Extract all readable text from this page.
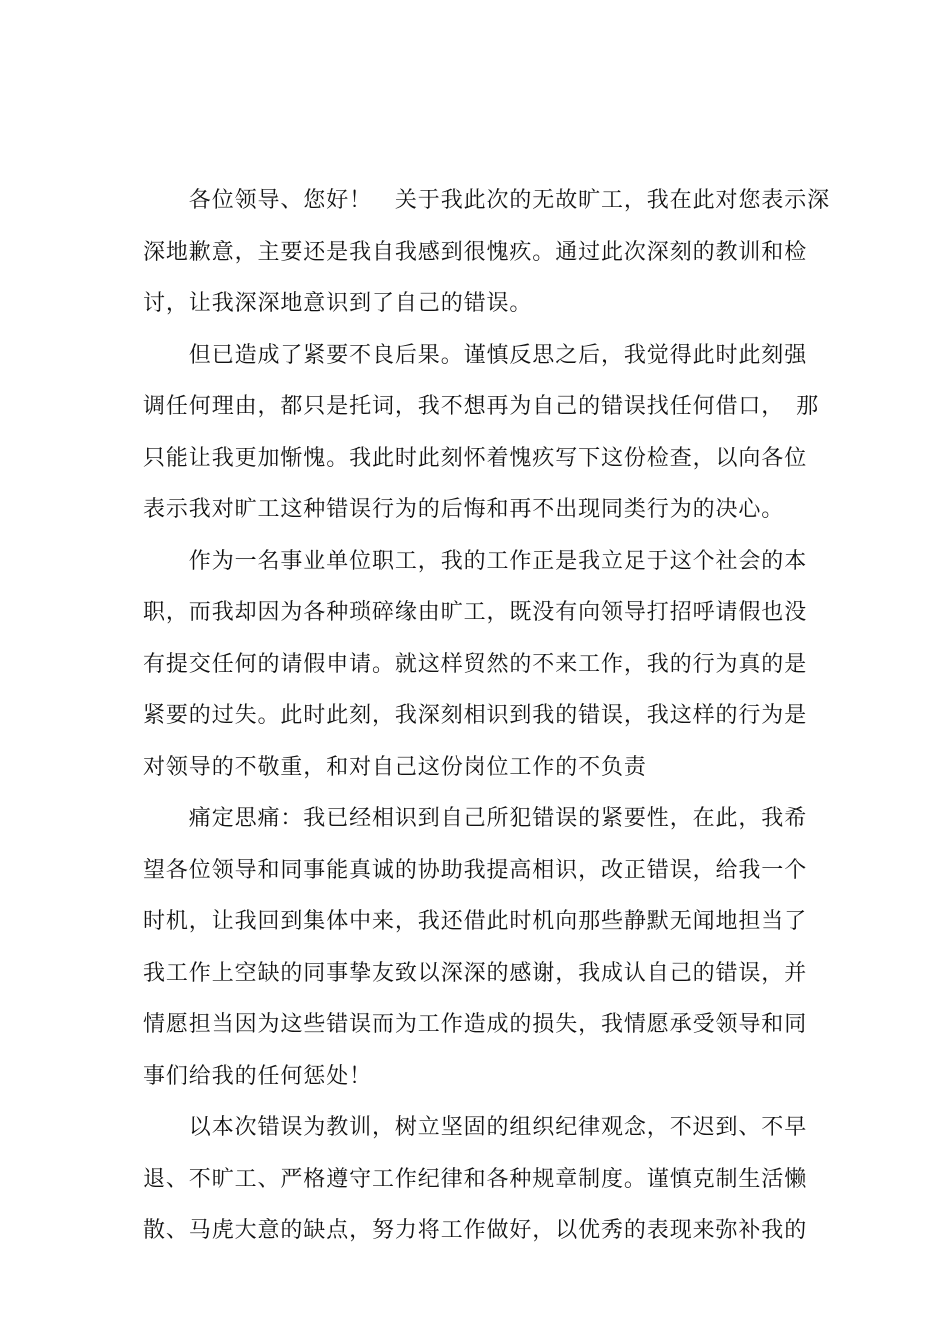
　　各位领导、您好！　关于我此次的无故旷工，我在此对您表示深
深地歉意，主要还是我自我感到很愧疚。通过此次深刻的教训和检
讨，让我深深地意识到了自己的错误。
　　但已造成了紧要不良后果。谨慎反思之后，我觉得此时此刻强
调任何理由，都只是托词，我不想再为自己的错误找任何借口，　那
只能让我更加惭愧。我此时此刻怀着愧疚写下这份检查，以向各位
表示我对旷工这种错误行为的后悔和再不出现同类行为的决心。
　　作为一名事业单位职工，我的工作正是我立足于这个社会的本
职，而我却因为各种琐碎缘由旷工，既没有向领导打招呼请假也没
有提交任何的请假申请。就这样贸然的不来工作，我的行为真的是
紧要的过失。此时此刻，我深刻相识到我的错误，我这样的行为是
对领导的不敬重，和对自己这份岗位工作的不负责
　　痛定思痛：我已经相识到自己所犯错误的紧要性，在此，我希
望各位领导和同事能真诚的协助我提高相识，改正错误，给我一个
时机，让我回到集体中来，我还借此时机向那些静默无闻地担当了
我工作上空缺的同事挚友致以深深的感谢，我成认自己的错误，并
情愿担当因为这些错误而为工作造成的损失，我情愿承受领导和同
事们给我的任何惩处！
　　以本次错误为教训，树立坚固的组织纪律观念，不迟到、不早
退、不旷工、严格遵守工作纪律和各种规章制度。谨慎克制生活懒
散、马虎大意的缺点，努力将工作做好，以优秀的表现来弥补我的
